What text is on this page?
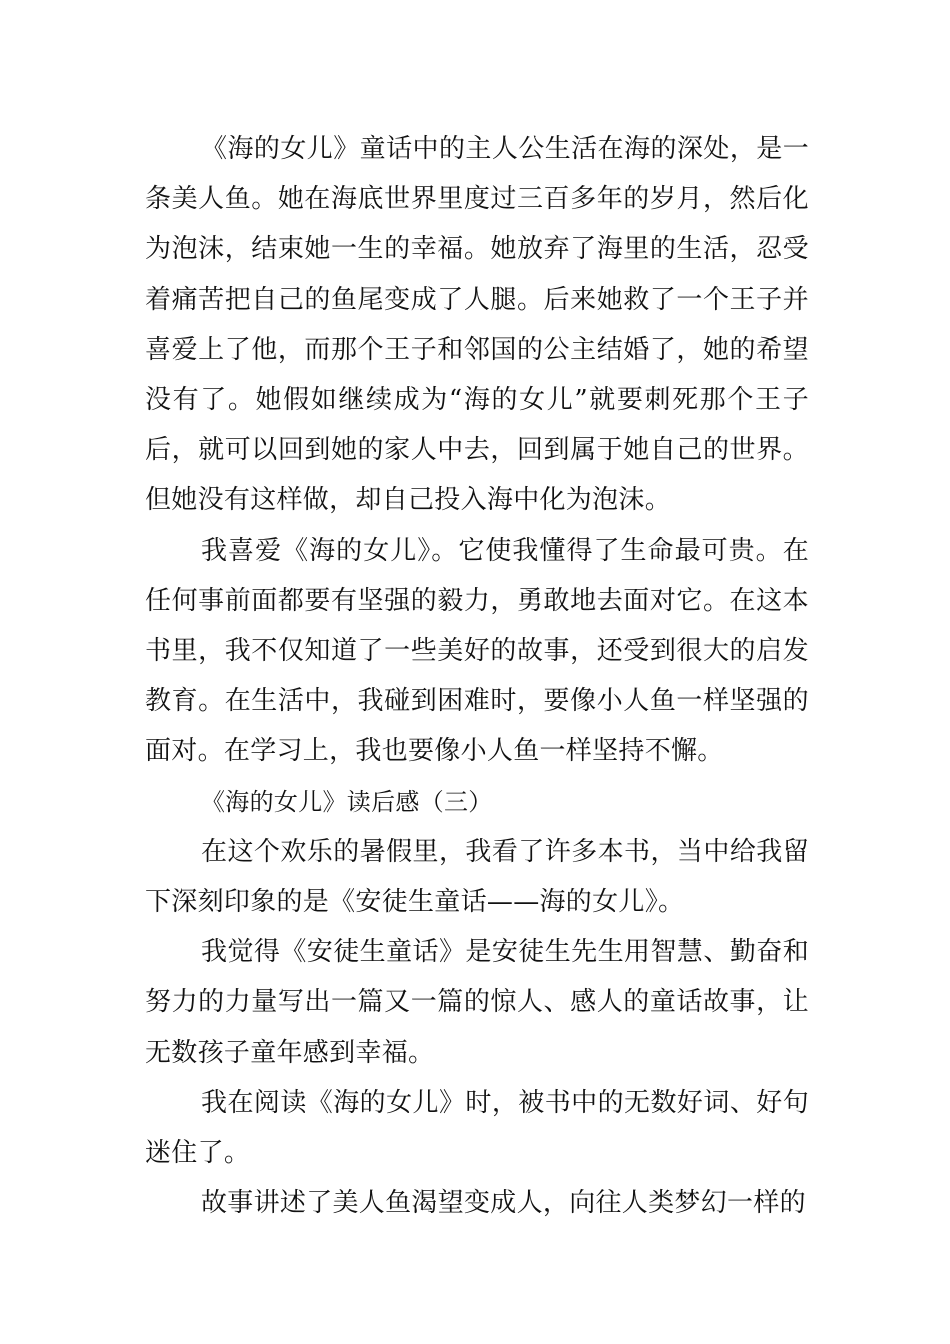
《海的女儿》童话中的主人公生活在海的深处，是一条美人鱼。她在海底世界里度过三百多年的岁月，然后化为泡沫，结束她一生的幸福。她放弃了海里的生活，忍受着痛苦把自己的鱼尾变成了人腿。后来她救了一个王子并喜爱上了他，而那个王子和邻国的公主结婚了，她的希望没有了。她假如继续成为“海的女儿”就要刺死那个王子后，就可以回到她的家人中去，回到属于她自己的世界。但她没有这样做，却自己投入海中化为泡沫。

我喜爱《海的女儿》。它使我懂得了生命最可贵。在任何事前面都要有坚强的毅力，勇敢地去面对它。在这本书里，我不仅知道了一些美好的故事，还受到很大的启发教育。在生活中，我碰到困难时，要像小人鱼一样坚强的面对。在学习上，我也要像小人鱼一样坚持不懈。

《海的女儿》读后感（三）

在这个欢乐的暑假里，我看了许多本书，当中给我留下深刻印象的是《安徒生童话——海的女儿》。

我觉得《安徒生童话》是安徒生先生用智慧、勤奋和努力的力量写出一篇又一篇的惊人、感人的童话故事，让无数孩子童年感到幸福。

我在阅读《海的女儿》时，被书中的无数好词、好句迷住了。

故事讲述了美人鱼渴望变成人，向往人类梦幻一样的
